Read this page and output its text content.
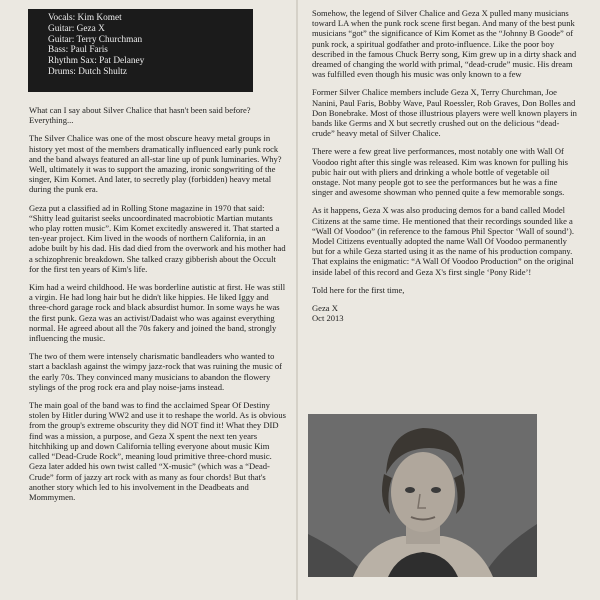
Vocals: Kim Komet
Guitar: Geza X
Guitar: Terry Churchman
Bass: Paul Faris
Rhythm Sax: Pat Delaney
Drums: Dutch Shultz

What can I say about Silver Chalice that hasn't been said before? Everything...

The Silver Chalice was one of the most obscure heavy metal groups in history yet most of the members dramatically influenced early punk rock and the band always featured an all-star line up of punk luminaries. Why? Well, ultimately it was to support the amazing, ironic songwriting of the singer, Kim Komet. And later, to secretly play (forbidden) heavy metal during the punk era.

Geza put a classified ad in Rolling Stone magazine in 1970 that said: “Shitty lead guitarist seeks uncoordinated macrobiotic Martian mutants who play rotten music”. Kim Komet excitedly answered it. That started a ten-year project. Kim lived in the woods of northern California, in an adobe built by his dad. His dad died from the overwork and his mother had a schizophrenic breakdown. She talked crazy gibberish about the Occult for the first ten years of Kim's life.

Kim had a weird childhood. He was borderline autistic at first. He was still a virgin. He had long hair but he didn't like hippies. He liked Iggy and three-chord garage rock and black absurdist humor. In some ways he was the first punk. Geza was an activist/Dadaist who was against everything normal. He agreed about all the 70s fakery and joined the band, strongly influencing the music.

The two of them were intensely charismatic bandleaders who wanted to start a backlash against the wimpy jazz-rock that was ruining the music of the early 70s. They convinced many musicians to abandon the flowery stylings of the prog rock era and play noise-jams instead.

The main goal of the band was to find the acclaimed Spear Of Destiny stolen by Hitler during WW2 and use it to reshape the world. As is obvious from the group's extreme obscurity they did NOT find it! What they DID find was a mission, a purpose, and Geza X spent the next ten years hitchhiking up and down California telling everyone about music Kim called “Dead-Crude Rock”, meaning loud primitive three-chord music. Geza later added his own twist called “X-music” (which was a “Dead-Crude” form of jazzy art rock with as many as four chords! But that's another story which led to his involvement in the Deadbeats and Mommymen.

Somehow, the legend of Silver Chalice and Geza X pulled many musicians toward LA when the punk rock scene first began. And many of the best punk musicians “got” the significance of Kim Komet as the “Johnny B Goode” of punk rock, a spiritual godfather and proto-influence. Like the poor boy described in the famous Chuck Berry song, Kim grew up in a dirty shack and dreamed of changing the world with primal, “dead-crude” music. His dream was fulfilled even though his music was only known to a few

Former Silver Chalice members include Geza X, Terry Churchman, Joe Nanini, Paul Faris, Bobby Wave, Paul Roessler, Rob Graves, Don Bolles and Don Bonebrake. Most of those illustrious players were well known players in bands like Germs and X but secretly crushed out on the delicious “dead-crude” heavy metal of Silver Chalice.

There were a few great live performances, most notably one with Wall Of Voodoo right after this single was released. Kim was known for pulling his pubic hair out with pliers and drinking a whole bottle of vegetable oil onstage. Not many people got to see the performances but he was a fine singer and awesome showman who penned quite a few memorable songs.

As it happens, Geza X was also producing demos for a band called Model Citizens at the same time. He mentioned that their recordings sounded like a “Wall Of Voodoo” (in reference to the famous Phil Spector ‘Wall of sound’). Model Citizens eventually adopted the name Wall Of Voodoo permanently but for a while Geza started using it as the name of his production company. That explains the enigmatic: “A Wall Of Voodoo Production” on the original inside label of this record and Geza X's first single ‘Pony Ride’!

Told here for the first time,

Geza X
Oct 2013
